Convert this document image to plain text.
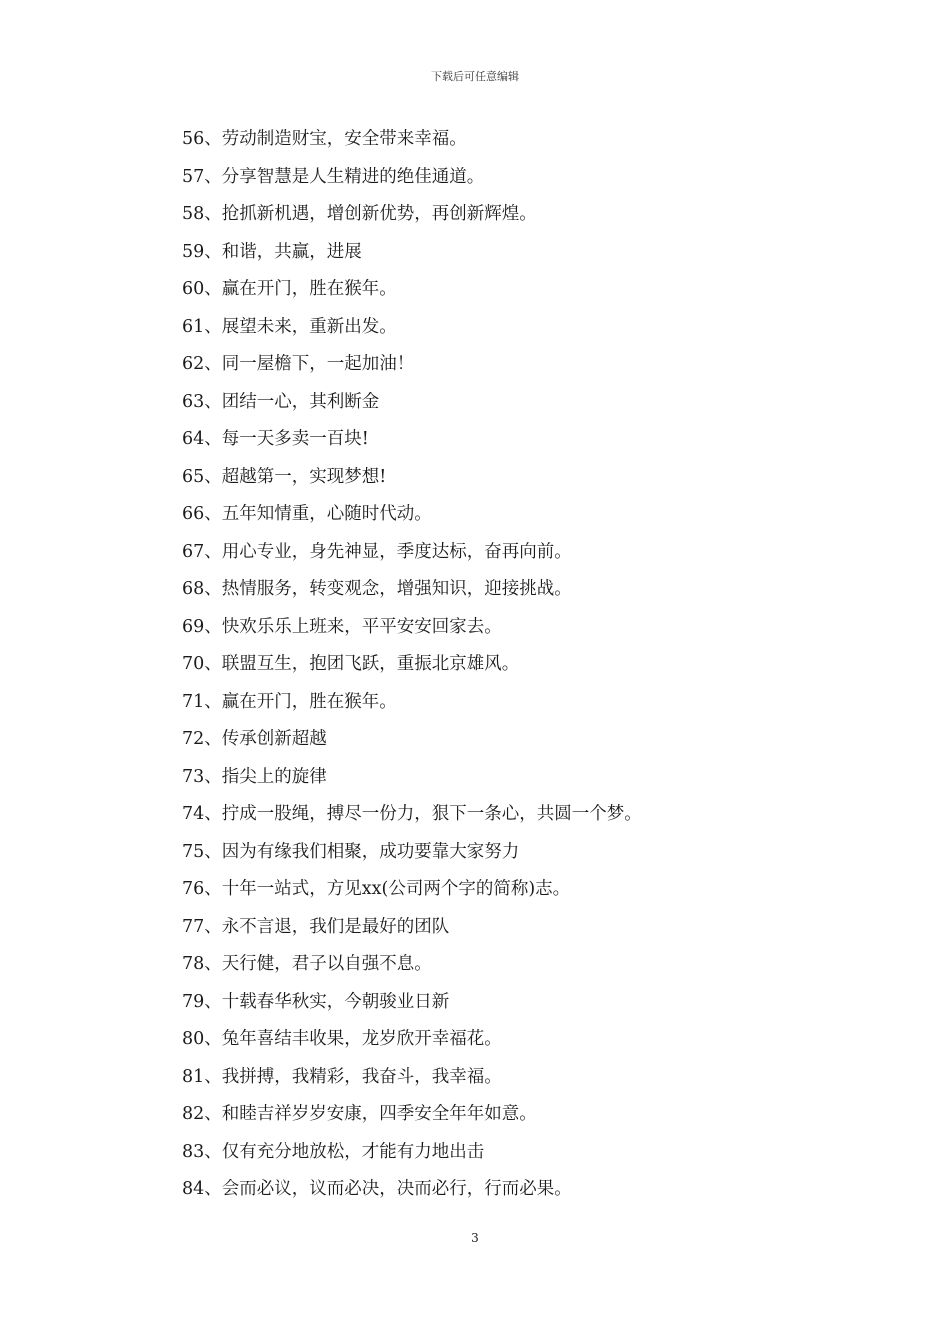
下载后可任意编辑
56、劳动制造财宝，安全带来幸福。
57、分享智慧是人生精进的绝佳通道。
58、抢抓新机遇，增创新优势，再创新辉煌。
59、和谐，共赢，进展
60、赢在开门，胜在猴年。
61、展望未来，重新出发。
62、同一屋檐下，一起加油！
63、团结一心，其利断金
64、每一天多卖一百块!
65、超越第一，实现梦想!
66、五年知情重，心随时代动。
67、用心专业，身先神显，季度达标，奋再向前。
68、热情服务，转变观念，增强知识，迎接挑战。
69、快欢乐乐上班来，平平安安回家去。
70、联盟互生，抱团飞跃，重振北京雄风。
71、赢在开门，胜在猴年。
72、传承创新超越
73、指尖上的旋律
74、拧成一股绳，搏尽一份力，狠下一条心，共圆一个梦。
75、因为有缘我们相聚，成功要靠大家努力
76、十年一站式，方见xx(公司两个字的简称)志。
77、永不言退，我们是最好的团队
78、天行健，君子以自强不息。
79、十载春华秋实，今朝骏业日新
80、兔年喜结丰收果，龙岁欣开幸福花。
81、我拼搏，我精彩，我奋斗，我幸福。
82、和睦吉祥岁岁安康，四季安全年年如意。
83、仅有充分地放松，才能有力地出击
84、会而必议，议而必决，决而必行，行而必果。
3
